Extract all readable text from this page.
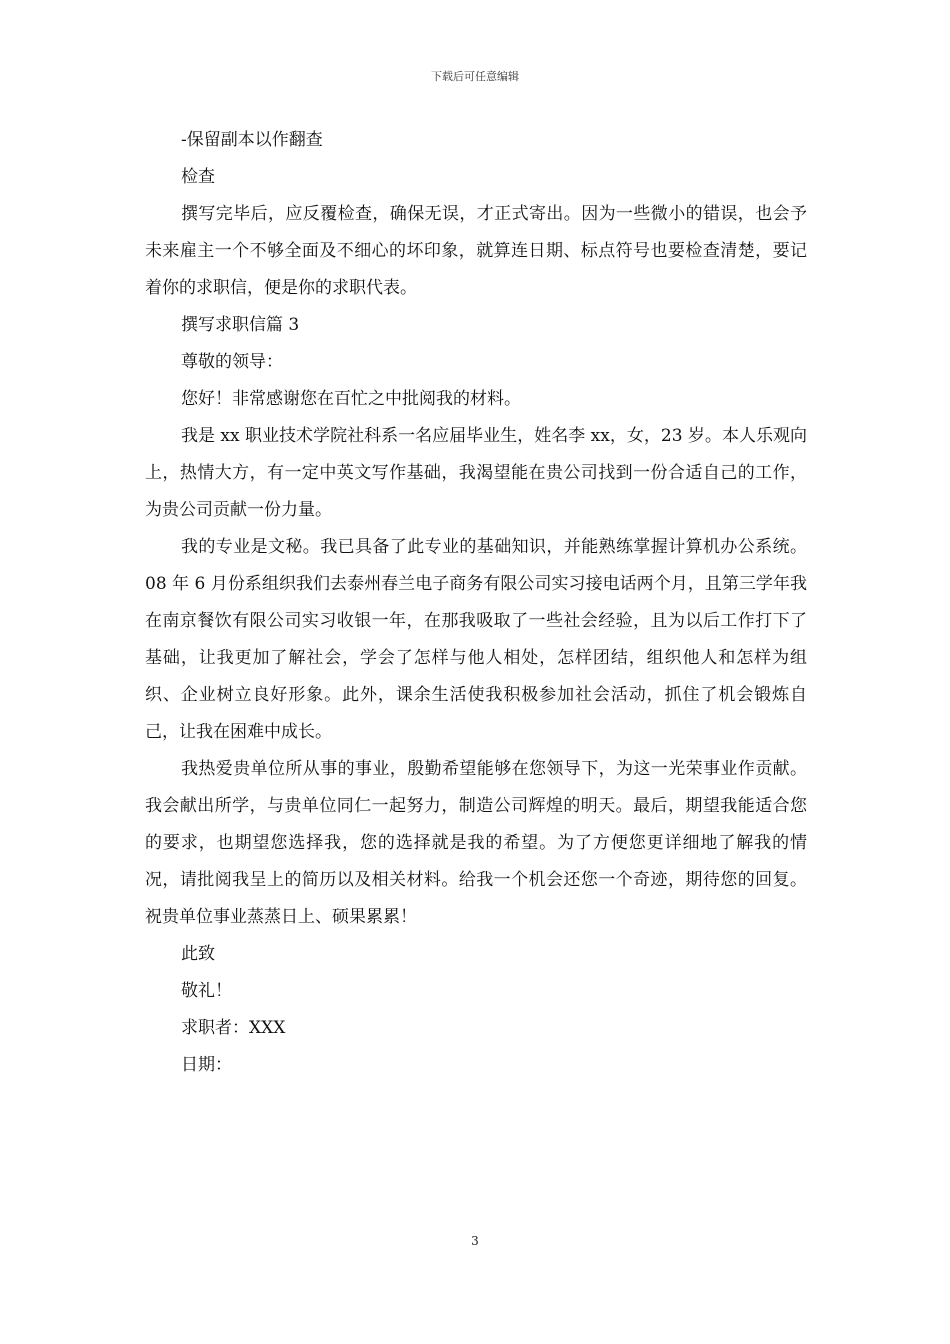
下载后可任意编辑

-保留副本以作翻查

检查

撰写完毕后，应反覆检查，确保无误，才正式寄出。因为一些微小的错误，也会予未来雇主一个不够全面及不细心的坏印象，就算连日期、标点符号也要检查清楚，要记着你的求职信，便是你的求职代表。

撰写求职信篇 3

尊敬的领导：

您好！非常感谢您在百忙之中批阅我的材料。

我是 xx 职业技术学院社科系一名应届毕业生，姓名李 xx，女，23 岁。本人乐观向上，热情大方，有一定中英文写作基础，我渴望能在贵公司找到一份合适自己的工作，为贵公司贡献一份力量。

我的专业是文秘。我已具备了此专业的基础知识，并能熟练掌握计算机办公系统。08 年 6 月份系组织我们去泰州春兰电子商务有限公司实习接电话两个月，且第三学年我在南京餐饮有限公司实习收银一年，在那我吸取了一些社会经验，且为以后工作打下了基础，让我更加了解社会，学会了怎样与他人相处，怎样团结，组织他人和怎样为组织、企业树立良好形象。此外，课余生活使我积极参加社会活动，抓住了机会锻炼自己，让我在困难中成长。

我热爱贵单位所从事的事业，殷勤希望能够在您领导下，为这一光荣事业作贡献。我会献出所学，与贵单位同仁一起努力，制造公司辉煌的明天。最后，期望我能适合您的要求，也期望您选择我，您的选择就是我的希望。为了方便您更详细地了解我的情况，请批阅我呈上的简历以及相关材料。给我一个机会还您一个奇迹，期待您的回复。祝贵单位事业蒸蒸日上、硕果累累！

此致

敬礼！

求职者：XXX

日期：

3
